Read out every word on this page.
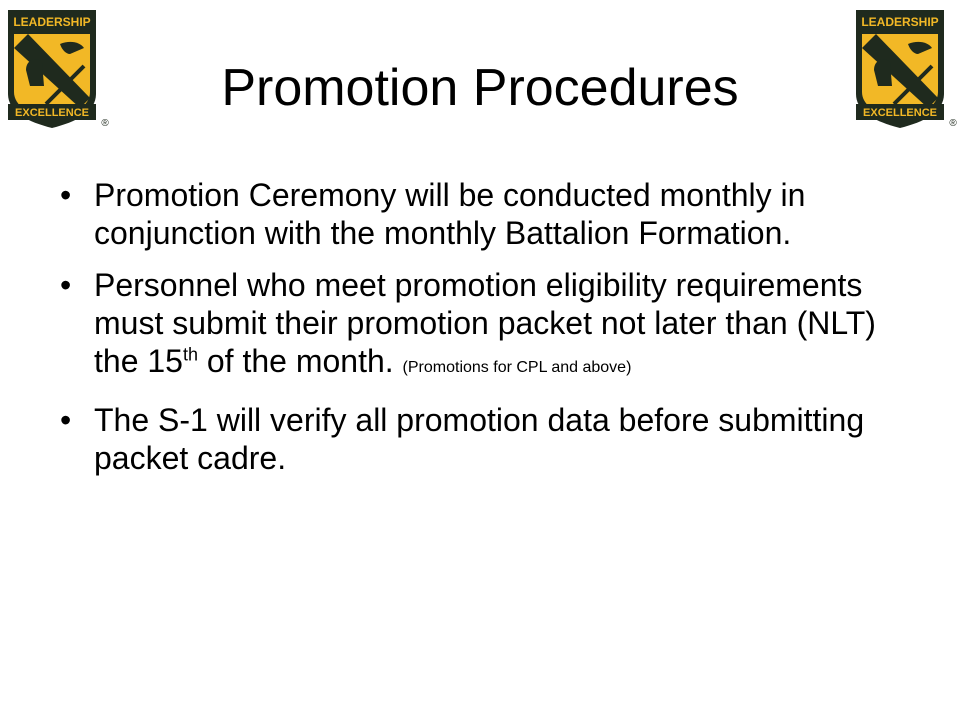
LEADERSHIP
EXCELLENCE
®
LEADERSHIP
EXCELLENCE
®
Promotion Procedures
• Promotion Ceremony will be conducted monthly in conjunction with the monthly Battalion Formation.
• Personnel who meet promotion eligibility requirements must submit their promotion packet not later than (NLT) the 15th of the month. (Promotions for CPL and above)
• The S-1 will verify all promotion data before submitting packet cadre.
